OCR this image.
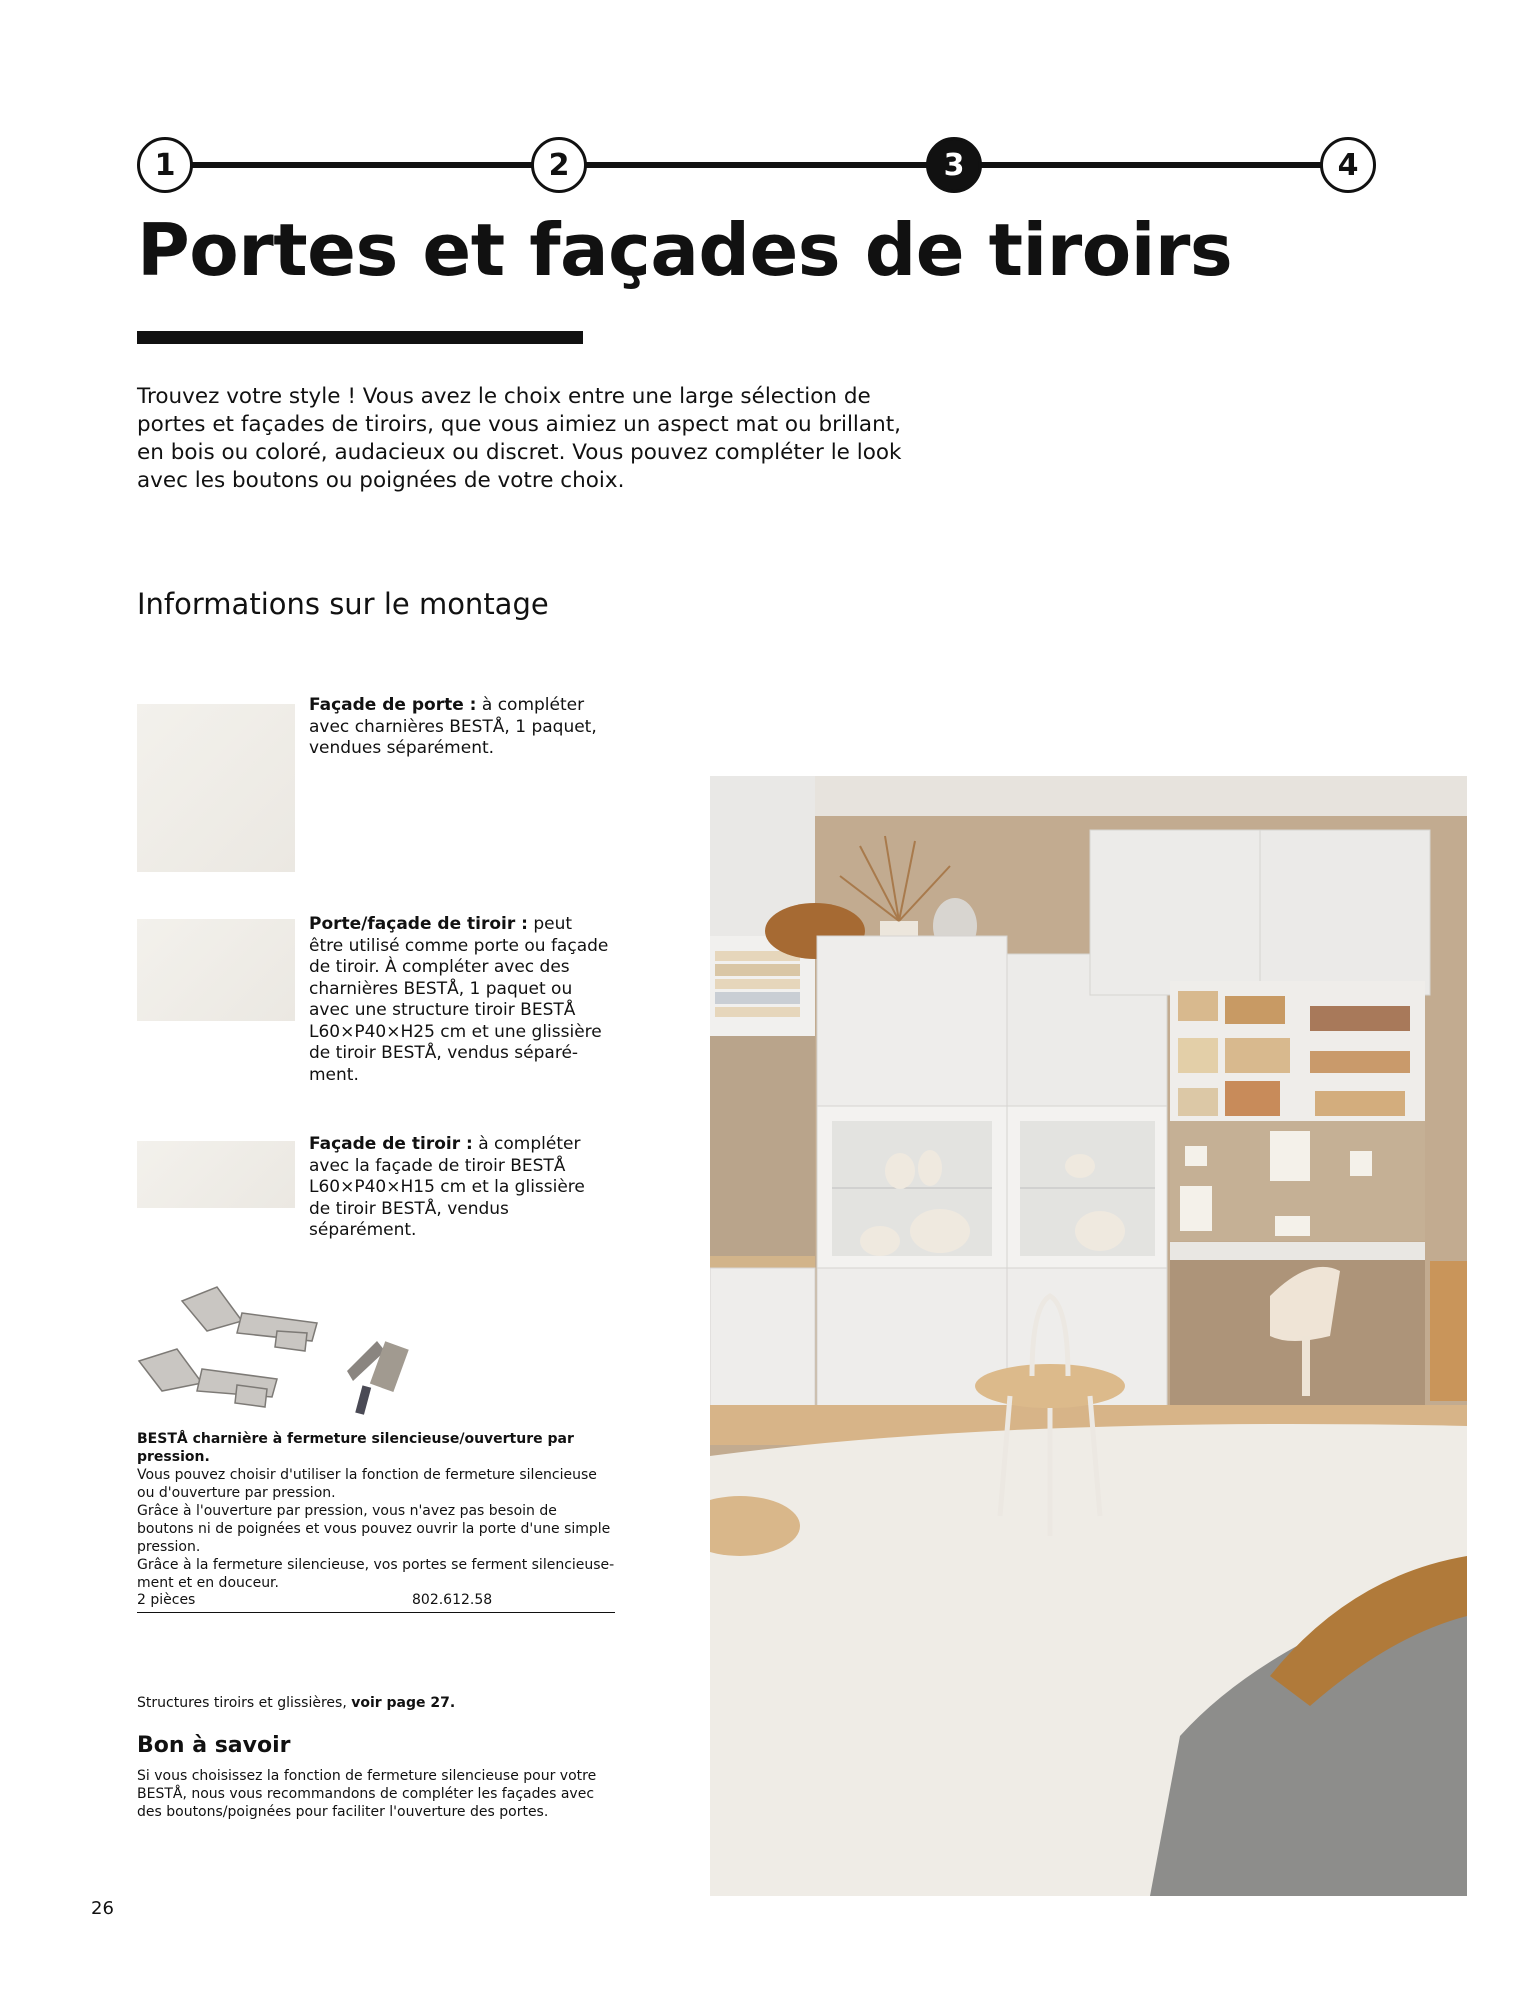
1	2	3	4
Portes et façades de tiroirs

Trouvez votre style ! Vous avez le choix entre une large sélection de portes et façades de tiroirs, que vous aimiez un aspect mat ou brillant, en bois ou coloré, audacieux ou discret. Vous pouvez compléter le look avec les boutons ou poignées de votre choix.

Informations sur le montage

Façade de porte : à compléter avec charnières BESTÅ, 1 paquet, vendues séparément.

Porte/façade de tiroir : peut être utilisé comme porte ou façade de tiroir. À compléter avec des charnières BESTÅ, 1 paquet ou avec une structure tiroir BESTÅ L60×P40×H25 cm et une glissière de tiroir BESTÅ, vendus séparément.

Façade de tiroir : à compléter avec la façade de tiroir BESTÅ L60×P40×H15 cm et la glissière de tiroir BESTÅ, vendus séparément.

BESTÅ charnière à fermeture silencieuse/ouverture par pression.

Vous pouvez choisir d'utiliser la fonction de fermeture silencieuse ou d'ouverture par pression.

Grâce à l'ouverture par pression, vous n'avez pas besoin de boutons ni de poignées et vous pouvez ouvrir la porte d'une simple pression.

Grâce à la fermeture silencieuse, vos portes se ferment silencieusement et en douceur.

2 pièces	802.612.58
Structures tiroirs et glissières, voir page 27.
Bon à savoir

Si vous choisissez la fonction de fermeture silencieuse pour votre BESTÅ, nous vous recommandons de compléter les façades avec des boutons/poignées pour faciliter l'ouverture des portes.

26
